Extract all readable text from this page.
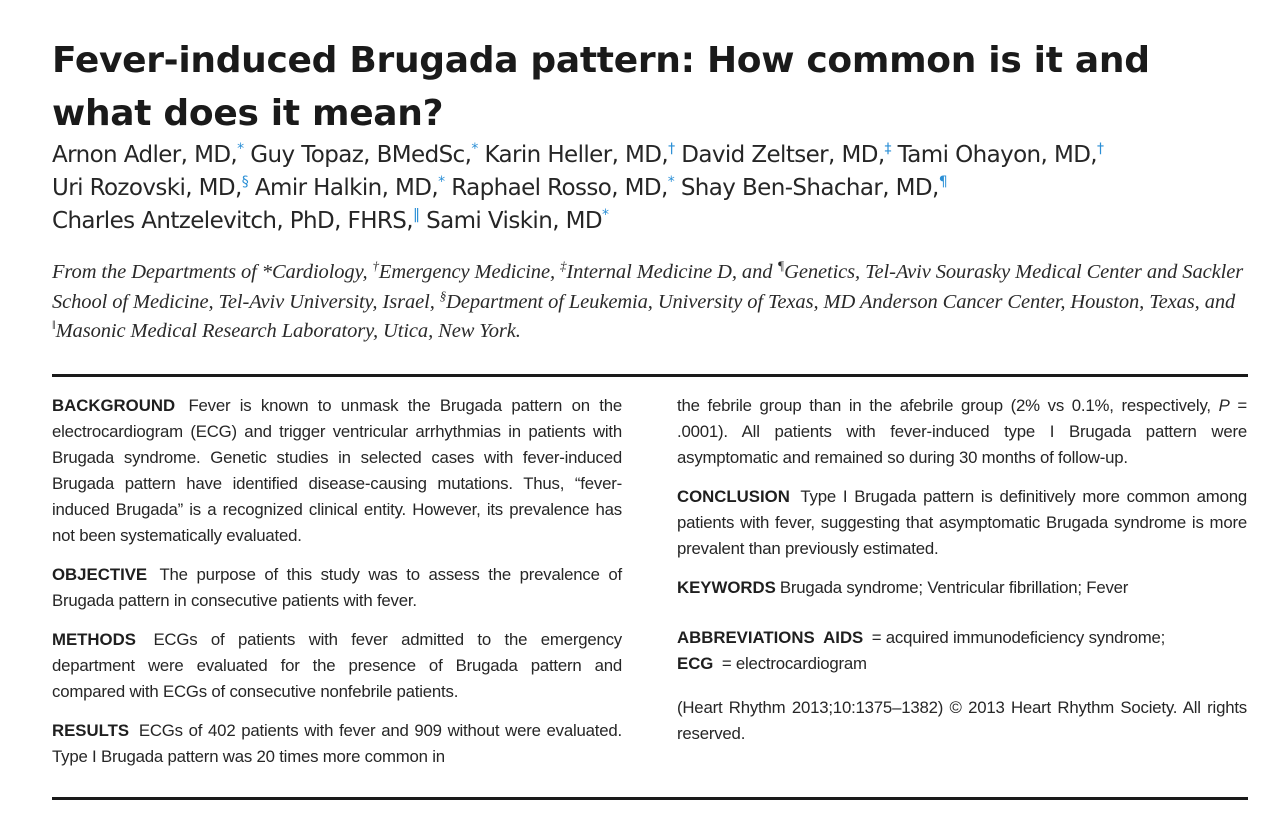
Fever-induced Brugada pattern: How common is it and what does it mean?
Arnon Adler, MD,* Guy Topaz, BMedSc,* Karin Heller, MD,† David Zeltser, MD,‡ Tami Ohayon, MD,†
Uri Rozovski, MD,§ Amir Halkin, MD,* Raphael Rosso, MD,* Shay Ben-Shachar, MD,¶
Charles Antzelevitch, PhD, FHRS,‖ Sami Viskin, MD*
From the Departments of *Cardiology, †Emergency Medicine, ‡Internal Medicine D, and ¶Genetics, Tel-Aviv Sourasky Medical Center and Sackler School of Medicine, Tel-Aviv University, Israel, §Department of Leukemia, University of Texas, MD Anderson Cancer Center, Houston, Texas, and ‖Masonic Medical Research Laboratory, Utica, New York.

BACKGROUND Fever is known to unmask the Brugada pattern on the electrocardiogram (ECG) and trigger ventricular arrhythmias in patients with Brugada syndrome. Genetic studies in selected cases with fever-induced Brugada pattern have identified disease-causing mutations. Thus, “fever-induced Brugada” is a recognized clinical entity. However, its prevalence has not been systematically evaluated.

OBJECTIVE The purpose of this study was to assess the prevalence of Brugada pattern in consecutive patients with fever.

METHODS ECGs of patients with fever admitted to the emergency department were evaluated for the presence of Brugada pattern and compared with ECGs of consecutive nonfebrile patients.

RESULTS ECGs of 402 patients with fever and 909 without were evaluated. Type I Brugada pattern was 20 times more common in

the febrile group than in the afebrile group (2% vs 0.1%, respectively, P = .0001). All patients with fever-induced type I Brugada pattern were asymptomatic and remained so during 30 months of follow-up.

CONCLUSION Type I Brugada pattern is definitively more common among patients with fever, suggesting that asymptomatic Brugada syndrome is more prevalent than previously estimated.

KEYWORDS Brugada syndrome; Ventricular fibrillation; Fever

ABBREVIATIONS AIDS = acquired immunodeficiency syndrome;
ECG = electrocardiogram

(Heart Rhythm 2013;10:1375–1382) © 2013 Heart Rhythm Society. All rights reserved.
